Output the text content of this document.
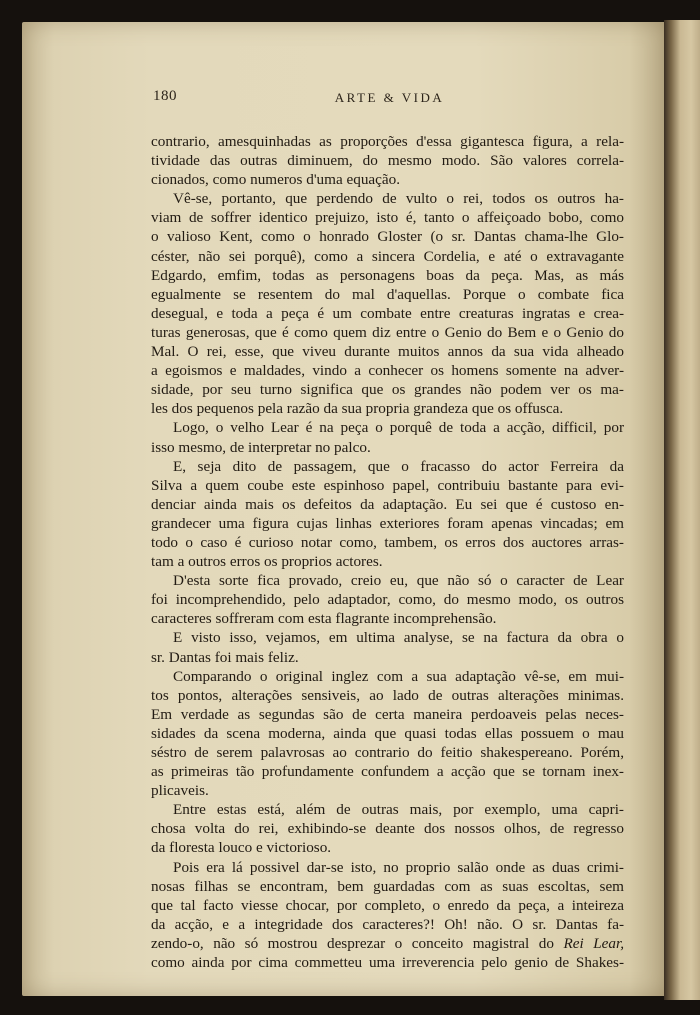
180	ARTE & VIDA
contrario, amesquinhadas as proporções d'essa gigantesca figura, a rela-
tividade das outras diminuem, do mesmo modo. São valores correla-
cionados, como numeros d'uma equação.
Vê-se, portanto, que perdendo de vulto o rei, todos os outros ha-
viam de soffrer identico prejuizo, isto é, tanto o affeiçoado bobo, como
o valioso Kent, como o honrado Gloster (o sr. Dantas chama-lhe Glo-
céster, não sei porquê), como a sincera Cordelia, e até o extravagante
Edgardo, emfim, todas as personagens boas da peça. Mas, as más
egualmente se resentem do mal d'aquellas. Porque o combate fica
desegual, e toda a peça é um combate entre creaturas ingratas e crea-
turas generosas, que é como quem diz entre o Genio do Bem e o Genio do
Mal. O rei, esse, que viveu durante muitos annos da sua vida alheado
a egoismos e maldades, vindo a conhecer os homens somente na adver-
sidade, por seu turno significa que os grandes não podem ver os ma-
les dos pequenos pela razão da sua propria grandeza que os offusca.
Logo, o velho Lear é na peça o porquê de toda a acção, difficil, por
isso mesmo, de interpretar no palco.
E, seja dito de passagem, que o fracasso do actor Ferreira da
Silva a quem coube este espinhoso papel, contribuiu bastante para evi-
denciar ainda mais os defeitos da adaptação. Eu sei que é custoso en-
grandecer uma figura cujas linhas exteriores foram apenas vincadas; em
todo o caso é curioso notar como, tambem, os erros dos auctores arras-
tam a outros erros os proprios actores.
D'esta sorte fica provado, creio eu, que não só o caracter de Lear
foi incomprehendido, pelo adaptador, como, do mesmo modo, os outros
caracteres soffreram com esta flagrante incomprehensão.
E visto isso, vejamos, em ultima analyse, se na factura da obra o
sr. Dantas foi mais feliz.
Comparando o original inglez com a sua adaptação vê-se, em mui-
tos pontos, alterações sensiveis, ao lado de outras alterações minimas.
Em verdade as segundas são de certa maneira perdoaveis pelas neces-
sidades da scena moderna, ainda que quasi todas ellas possuem o mau
séstro de serem palavrosas ao contrario do feitio shakespereano. Porém,
as primeiras tão profundamente confundem a acção que se tornam inex-
plicaveis.
Entre estas está, além de outras mais, por exemplo, uma capri-
chosa volta do rei, exhibindo-se deante dos nossos olhos, de regresso
da floresta louco e victorioso.
Pois era lá possivel dar-se isto, no proprio salão onde as duas crimi-
nosas filhas se encontram, bem guardadas com as suas escoltas, sem
que tal facto viesse chocar, por completo, o enredo da peça, a inteireza
da acção, e a integridade dos caracteres?! Oh! não. O sr. Dantas fa-
zendo-o, não só mostrou desprezar o conceito magistral do Rei Lear,
como ainda por cima commetteu uma irreverencia pelo genio de Shakes-
